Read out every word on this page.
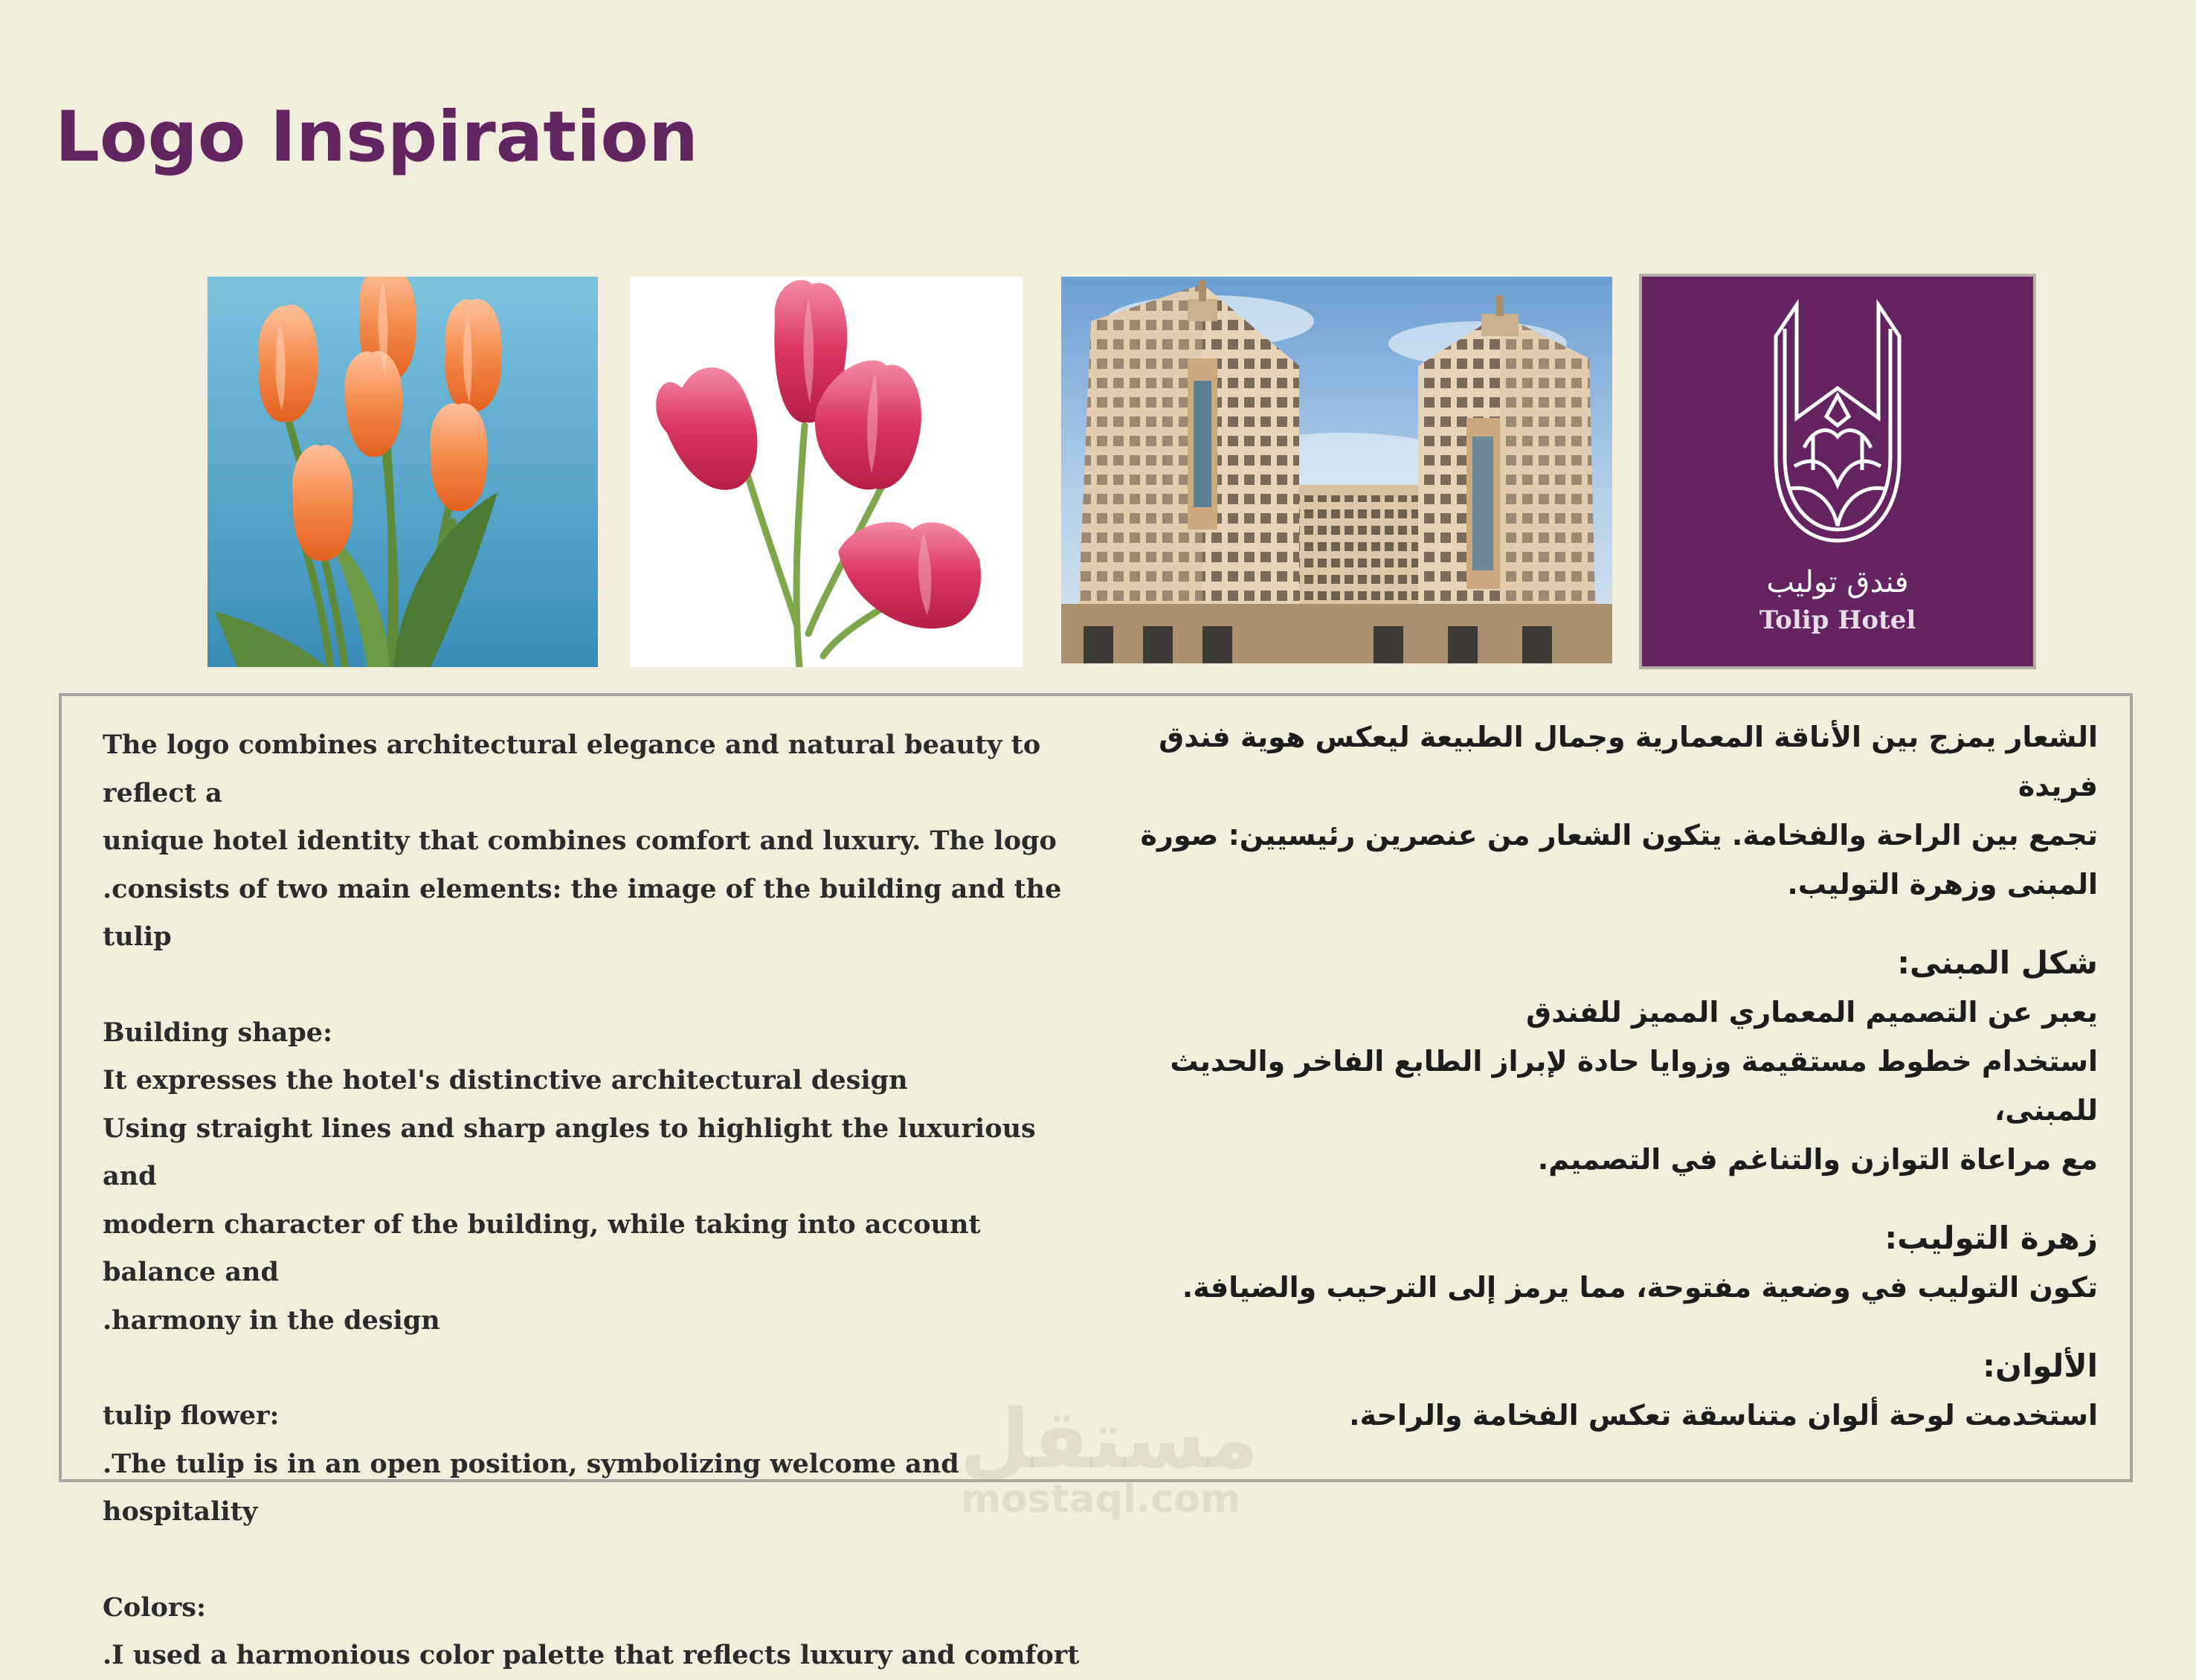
Logo Inspiration
فندق توليب
Tolip Hotel

The logo combines architectural elegance and natural beauty to reflect a

unique hotel identity that combines comfort and luxury. The logo

.consists of two main elements: the image of the building and the tulip

Building shape:

It expresses the hotel's distinctive architectural design

Using straight lines and sharp angles to highlight the luxurious and

modern character of the building, while taking into account balance and

.harmony in the design

tulip flower:

.The tulip is in an open position, symbolizing welcome and hospitality

Colors:

.I used a harmonious color palette that reflects luxury and comfort

الشعار يمزج بين الأناقة المعمارية وجمال الطبيعة ليعكس هوية فندق فريدة

تجمع بين الراحة والفخامة. يتكون الشعار من عنصرين رئيسيين: صورة

المبنى وزهرة التوليب.

شكل المبنى:

يعبر عن التصميم المعماري المميز للفندق

استخدام خطوط مستقيمة وزوايا حادة لإبراز الطابع الفاخر والحديث للمبنى،

مع مراعاة التوازن والتناغم في التصميم.

زهرة التوليب:

تكون التوليب في وضعية مفتوحة، مما يرمز إلى الترحيب والضيافة.

الألوان:

استخدمت لوحة ألوان متناسقة تعكس الفخامة والراحة.

مستقل
mostaql.com
